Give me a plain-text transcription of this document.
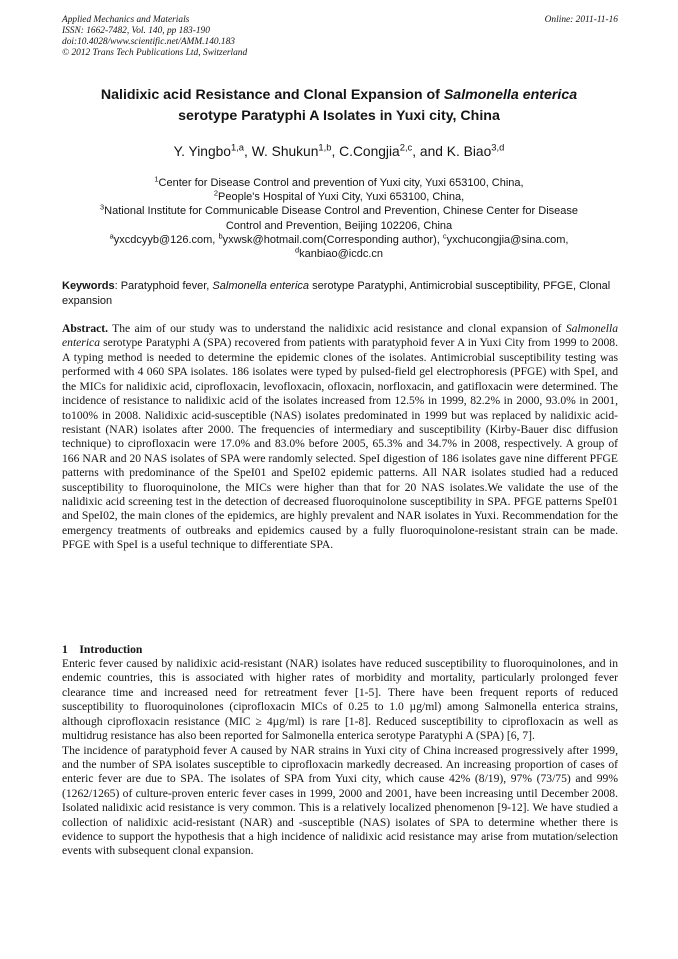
Applied Mechanics and Materials
ISSN: 1662-7482, Vol. 140, pp 183-190
doi:10.4028/www.scientific.net/AMM.140.183
© 2012 Trans Tech Publications Ltd, Switzerland
Online: 2011-11-16
Nalidixic acid Resistance and Clonal Expansion of Salmonella enterica
serotype Paratyphi A Isolates in Yuxi city, China
Y. Yingbo$^{1,a}$, W. Shukun$^{1,b}$, C.Congjia$^{2,c}$, and K. Biao$^{3,d}$
$^1$Center for Disease Control and prevention of Yuxi city, Yuxi 653100, China,
$^2$People's Hospital of Yuxi City, Yuxi 653100, China,
$^3$National Institute for Communicable Disease Control and Prevention, Chinese Center for Disease
Control and Prevention, Beijing 102206, China
$^a$yxcdcyyb@126.com, $^b$yxwsk@hotmail.com(Corresponding author), $^c$yxchucongjia@sina.com,
$^d$kanbiao@icdc.cn
Keywords: Paratyphoid fever, Salmonella enterica serotype Paratyphi, Antimicrobial susceptibility, PFGE, Clonal expansion
Abstract. The aim of our study was to understand the nalidixic acid resistance and clonal expansion of Salmonella enterica serotype Paratyphi A (SPA) recovered from patients with paratyphoid fever A in Yuxi City from 1999 to 2008. A typing method is needed to determine the epidemic clones of the isolates. Antimicrobial susceptibility testing was performed with 4 060 SPA isolates. 186 isolates were typed by pulsed-field gel electrophoresis (PFGE) with SpeI, and the MICs for nalidixic acid, ciprofloxacin, levofloxacin, ofloxacin, norfloxacin, and gatifloxacin were determined. The incidence of resistance to nalidixic acid of the isolates increased from 12.5% in 1999, 82.2% in 2000, 93.0% in 2001, to100% in 2008. Nalidixic acid-susceptible (NAS) isolates predominated in 1999 but was replaced by nalidixic acid-resistant (NAR) isolates after 2000. The frequencies of intermediary and susceptibility (Kirby-Bauer disc diffusion technique) to ciprofloxacin were 17.0% and 83.0% before 2005, 65.3% and 34.7% in 2008, respectively. A group of 166 NAR and 20 NAS isolates of SPA were randomly selected. SpeI digestion of 186 isolates gave nine different PFGE patterns with predominance of the SpeI01 and SpeI02 epidemic patterns. All NAR isolates studied had a reduced susceptibility to fluoroquinolone, the MICs were higher than that for 20 NAS isolates.We validate the use of the nalidixic acid screening test in the detection of decreased fluoroquinolone susceptibility in SPA. PFGE patterns SpeI01 and SpeI02, the main clones of the epidemics, are highly prevalent and NAR isolates in Yuxi. Recommendation for the emergency treatments of outbreaks and epidemics caused by a fully fluoroquinolone-resistant strain can be made. PFGE with SpeI is a useful technique to differentiate SPA.
1    Introduction

Enteric fever caused by nalidixic acid-resistant (NAR) isolates have reduced susceptibility to fluoroquinolones, and in endemic countries, this is associated with higher rates of morbidity and mortality, particularly prolonged fever clearance time and increased need for retreatment fever [1-5]. There have been frequent reports of reduced susceptibility to fluoroquinolones (ciprofloxacin MICs of 0.25 to 1.0 µg/ml) among Salmonella enterica strains, although ciprofloxacin resistance (MIC ≥ 4µg/ml) is rare [1-8]. Reduced susceptibility to ciprofloxacin as well as multidrug resistance has also been reported for Salmonella enterica serotype Paratyphi A (SPA) [6, 7].

The incidence of paratyphoid fever A caused by NAR strains in Yuxi city of China increased progressively after 1999, and the number of SPA isolates susceptible to ciprofloxacin markedly decreased. An increasing proportion of cases of enteric fever are due to SPA. The isolates of SPA from Yuxi city, which cause 42% (8/19), 97% (73/75) and 99% (1262/1265) of culture-proven enteric fever cases in 1999, 2000 and 2001, have been increasing until December 2008. Isolated nalidixic acid resistance is very common. This is a relatively localized phenomenon [9-12]. We have studied a collection of nalidixic acid-resistant (NAR) and -susceptible (NAS) isolates of SPA to determine whether there is evidence to support the hypothesis that a high incidence of nalidixic acid resistance may arise from mutation/selection events with subsequent clonal expansion.
